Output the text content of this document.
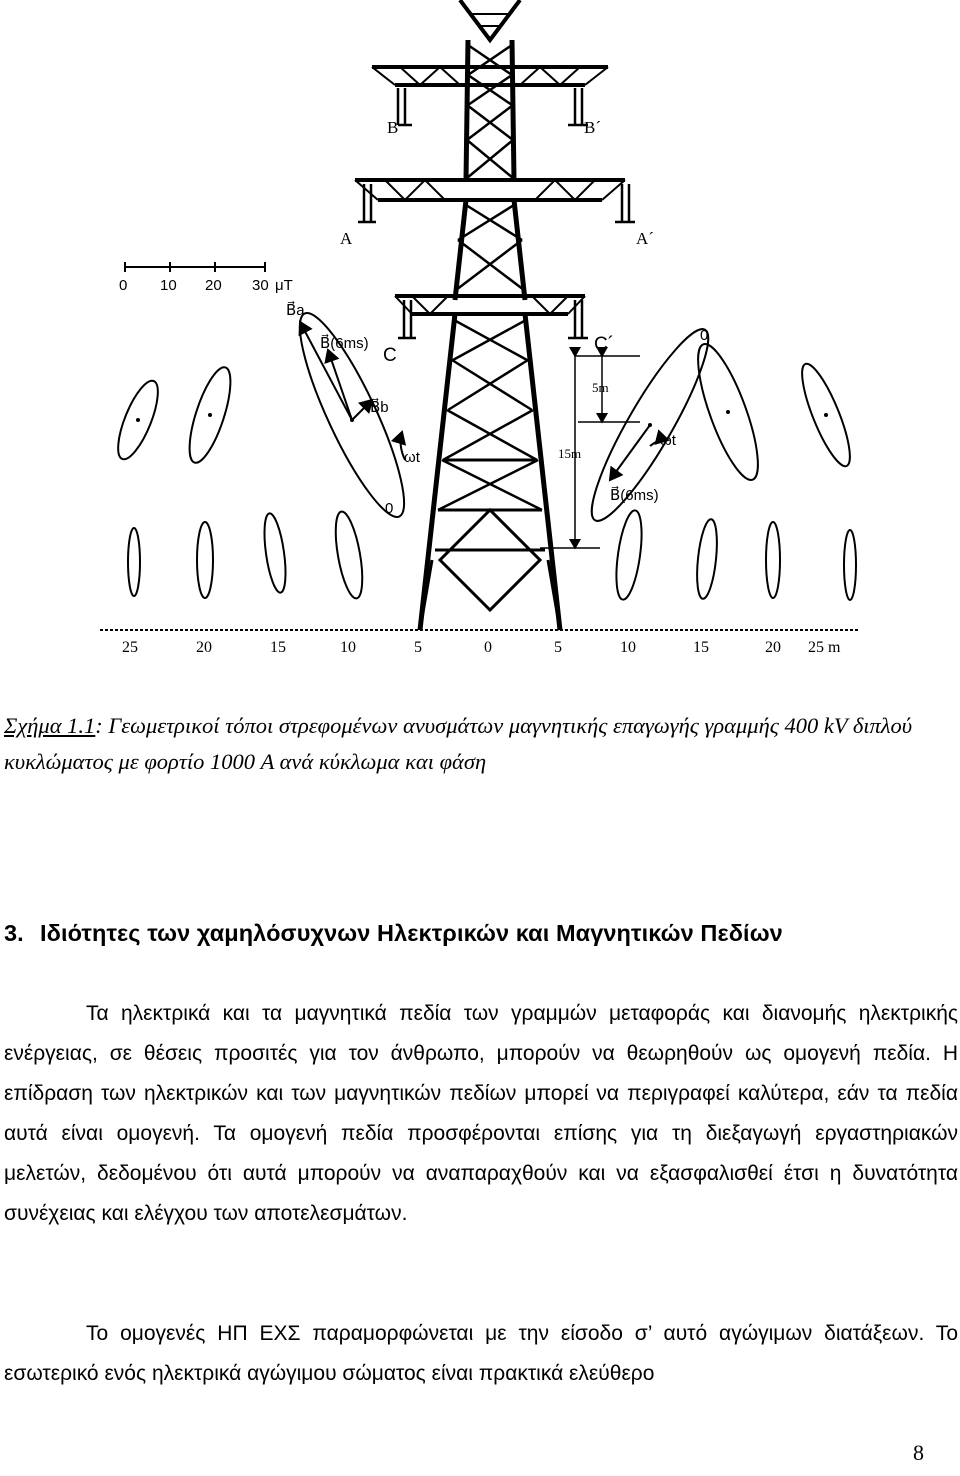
B	B´
A	A´
C
C´
0 10 20 30 μT
B⃗a
B⃗(6ms)
B⃗b
ωt
0
0
ωt
B⃗(6ms)
5m
15m
25	20	15	10	5	0	5	10	15	20 25 m
Σχήμα 1.1: Γεωμετρικοί τόποι στρεφομένων ανυσμάτων μαγνητικής επαγωγής γραμμής 400 kV διπλού κυκλώματος με φορτίο 1000 A ανά κύκλωμα και φάση
3. Ιδιότητες των χαμηλόσυχνων Ηλεκτρικών και Μαγνητικών Πεδίων

Τα ηλεκτρικά και τα μαγνητικά πεδία των γραμμών μεταφοράς και διανομής ηλεκτρικής ενέργειας, σε θέσεις προσιτές για τον άνθρωπο, μπορούν να θεωρηθούν ως ομογενή πεδία. Η επίδραση των ηλεκτρικών και των μαγνητικών πεδίων μπορεί να περιγραφεί καλύτερα, εάν τα πεδία αυτά είναι ομογενή. Τα ομογενή πεδία προσφέρονται επίσης για τη διεξαγωγή εργαστηριακών μελετών, δεδομένου ότι αυτά μπορούν να αναπαραχθούν και να εξασφαλισθεί έτσι η δυνατότητα συνέχειας και ελέγχου των αποτελεσμάτων.

Το ομογενές ΗΠ ΕΧΣ παραμορφώνεται με την είσοδο σ’ αυτό αγώγιμων διατάξεων. Το εσωτερικό ενός ηλεκτρικά αγώγιμου σώματος είναι πρακτικά ελεύθερο

8
